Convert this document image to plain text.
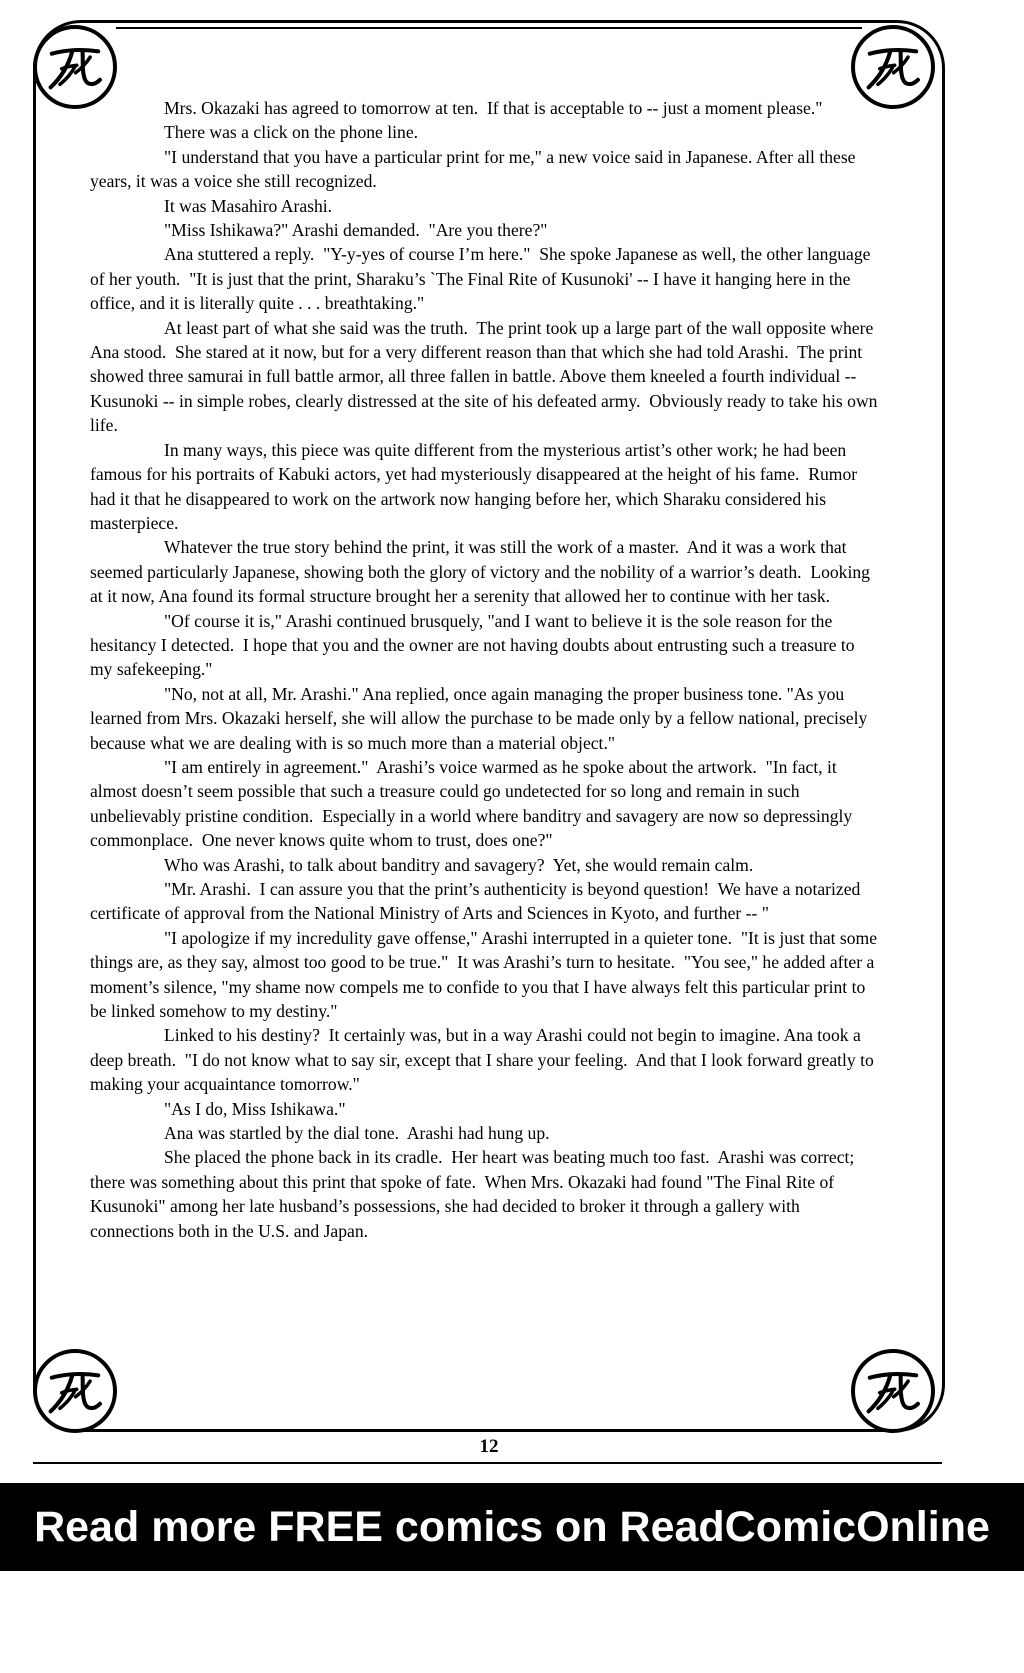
Mrs. Okazaki has agreed to tomorrow at ten.  If that is acceptable to -- just a moment please."

There was a click on the phone line.

"I understand that you have a particular print for me," a new voice said in Japanese. After all these years, it was a voice she still recognized.

It was Masahiro Arashi.

"Miss Ishikawa?" Arashi demanded.  "Are you there?"

Ana stuttered a reply.  "Y-y-yes of course I’m here."  She spoke Japanese as well, the other language of her youth.  "It is just that the print, Sharaku’s `The Final Rite of Kusunoki' -- I have it hanging here in the office, and it is literally quite . . . breathtaking."

At least part of what she said was the truth.  The print took up a large part of the wall opposite where Ana stood.  She stared at it now, but for a very different reason than that which she had told Arashi.  The print showed three samurai in full battle armor, all three fallen in battle. Above them kneeled a fourth individual -- Kusunoki -- in simple robes, clearly distressed at the site of his defeated army.  Obviously ready to take his own life.

In many ways, this piece was quite different from the mysterious artist’s other work; he had been famous for his portraits of Kabuki actors, yet had mysteriously disappeared at the height of his fame.  Rumor had it that he disappeared to work on the artwork now hanging before her, which Sharaku considered his masterpiece.

Whatever the true story behind the print, it was still the work of a master.  And it was a work that seemed particularly Japanese, showing both the glory of victory and the nobility of a warrior’s death.  Looking at it now, Ana found its formal structure brought her a serenity that allowed her to continue with her task.

"Of course it is," Arashi continued brusquely, "and I want to believe it is the sole reason for the hesitancy I detected.  I hope that you and the owner are not having doubts about entrusting such a treasure to my safekeeping."

"No, not at all, Mr. Arashi." Ana replied, once again managing the proper business tone. "As you learned from Mrs. Okazaki herself, she will allow the purchase to be made only by a fellow national, precisely because what we are dealing with is so much more than a material object."

"I am entirely in agreement."  Arashi’s voice warmed as he spoke about the artwork.  "In fact, it almost doesn’t seem possible that such a treasure could go undetected for so long and remain in such unbelievably pristine condition.  Especially in a world where banditry and savagery are now so depressingly commonplace.  One never knows quite whom to trust, does one?"

Who was Arashi, to talk about banditry and savagery?  Yet, she would remain calm.

"Mr. Arashi.  I can assure you that the print’s authenticity is beyond question!  We have a notarized certificate of approval from the National Ministry of Arts and Sciences in Kyoto, and further -- "

"I apologize if my incredulity gave offense," Arashi interrupted in a quieter tone.  "It is just that some things are, as they say, almost too good to be true."  It was Arashi’s turn to hesitate.  "You see," he added after a moment’s silence, "my shame now compels me to confide to you that I have always felt this particular print to be linked somehow to my destiny."

Linked to his destiny?  It certainly was, but in a way Arashi could not begin to imagine. Ana took a deep breath.  "I do not know what to say sir, except that I share your feeling.  And that I look forward greatly to making your acquaintance tomorrow."

"As I do, Miss Ishikawa."

Ana was startled by the dial tone.  Arashi had hung up.

She placed the phone back in its cradle.  Her heart was beating much too fast.  Arashi was correct; there was something about this print that spoke of fate.  When Mrs. Okazaki had found "The Final Rite of Kusunoki" among her late husband’s possessions, she had decided to broker it through a gallery with connections both in the U.S. and Japan.

12
Read more FREE comics on ReadComicOnline
